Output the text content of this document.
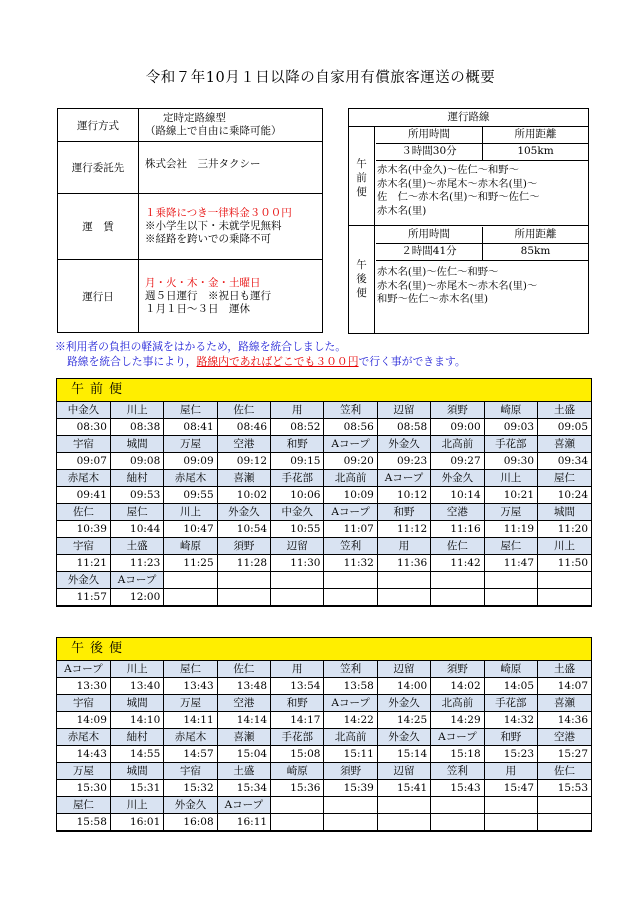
令和７年10月１日以降の自家用有償旅客運送の概要
運行方式	定時定路線型
（路線上で自由に乗降可能）

運行委託先	株式会社　三井タクシー

運　賃	１乗降につき一律料金３００円
※小学生以下・未就学児無料
※経路を跨いでの乗降不可

運行日	月・火・木・金・土曜日
週５日運行　※祝日も運行
１月１日～３日　運休
運行路線
午前便
所用時間	所用距離
３時間30分	105km
赤木名(中金久)～佐仁～和野～
赤木名(里)～赤尾木～赤木名(里)～
佐　仁～赤木名(里)～和野～佐仁～
赤木名(里)
午後便
所用時間	所用距離
２時間41分	85km
赤木名(里)～佐仁～和野～
赤木名(里)～赤尾木～赤木名(里)～
和野～佐仁～赤木名(里)
※利用者の負担の軽減をはかるため，路線を統合しました。
路線を統合した事により，路線内であればどこでも３００円で行く事ができます。
午前便
中金久	川上	屋仁	佐仁	用	笠利	辺留	須野	崎原	土盛
08:30	08:38	08:41	08:46	08:52	08:56	08:58	09:00	09:03	09:05
宇宿	城間	万屋	空港	和野	Aコープ	外金久	北高前	手花部	喜瀬
09:07	09:08	09:09	09:12	09:15	09:20	09:23	09:27	09:30	09:34
赤尾木	紬村	赤尾木	喜瀬	手花部	北高前	Aコープ	外金久	川上	屋仁
09:41	09:53	09:55	10:02	10:06	10:09	10:12	10:14	10:21	10:24
佐仁	屋仁	川上	外金久	中金久	Aコープ	和野	空港	万屋	城間
10:39	10:44	10:47	10:54	10:55	11:07	11:12	11:16	11:19	11:20
宇宿	土盛	崎原	須野	辺留	笠利	用	佐仁	屋仁	川上
11:21	11:23	11:25	11:28	11:30	11:32	11:36	11:42	11:47	11:50
外金久	Aコープ								
11:57	12:00								
午後便
Aコープ	川上	屋仁	佐仁	用	笠利	辺留	須野	崎原	土盛
13:30	13:40	13:43	13:48	13:54	13:58	14:00	14:02	14:05	14:07
宇宿	城間	万屋	空港	和野	Aコープ	外金久	北高前	手花部	喜瀬
14:09	14:10	14:11	14:14	14:17	14:22	14:25	14:29	14:32	14:36
赤尾木	紬村	赤尾木	喜瀬	手花部	北高前	外金久	Aコープ	和野	空港
14:43	14:55	14:57	15:04	15:08	15:11	15:14	15:18	15:23	15:27
万屋	城間	宇宿	土盛	崎原	須野	辺留	笠利	用	佐仁
15:30	15:31	15:32	15:34	15:36	15:39	15:41	15:43	15:47	15:53
屋仁	川上	外金久	Aコープ						
15:58	16:01	16:08	16:11						
